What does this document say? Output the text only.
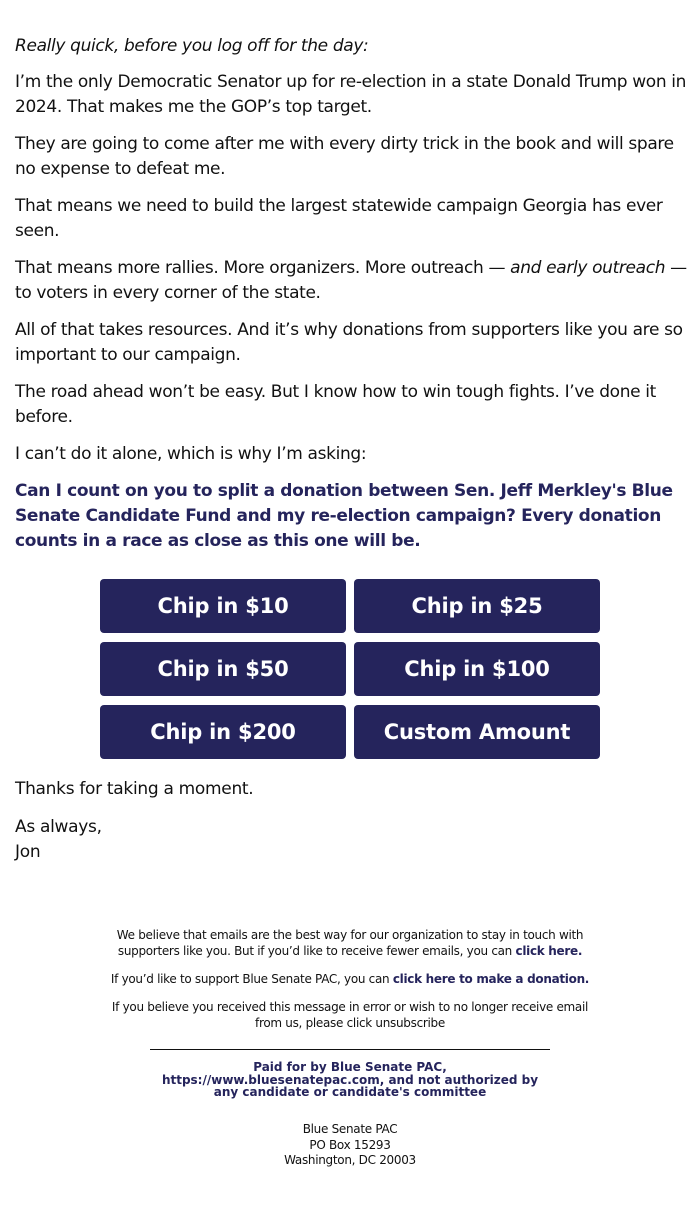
Really quick, before you log off for the day:

I’m the only Democratic Senator up for re-election in a state Donald Trump won in 2024. That makes me the GOP’s top target.

They are going to come after me with every dirty trick in the book and will spare no expense to defeat me.

That means we need to build the largest statewide campaign Georgia has ever seen.

That means more rallies. More organizers. More outreach — and early outreach — to voters in every corner of the state.

All of that takes resources. And it’s why donations from supporters like you are so important to our campaign.

The road ahead won’t be easy. But I know how to win tough fights. I’ve done it before.

I can’t do it alone, which is why I’m asking:

Can I count on you to split a donation between Sen. Jeff Merkley's Blue Senate Candidate Fund and my re-election campaign? Every donation counts in a race as close as this one will be.

Chip in $10	Chip in $25
Chip in $50	Chip in $100
Chip in $200	Custom Amount

Thanks for taking a moment.

As always,
Jon

We believe that emails are the best way for our organization to stay in touch with supporters like you. But if you’d like to receive fewer emails, you can click here.

If you’d like to support Blue Senate PAC, you can click here to make a donation.

If you believe you received this message in error or wish to no longer receive email from us, please click unsubscribe

Paid for by Blue Senate PAC, https://www.bluesenatepac.com, and not authorized by any candidate or candidate's committee
Blue Senate PAC
PO Box 15293
Washington, DC 20003
